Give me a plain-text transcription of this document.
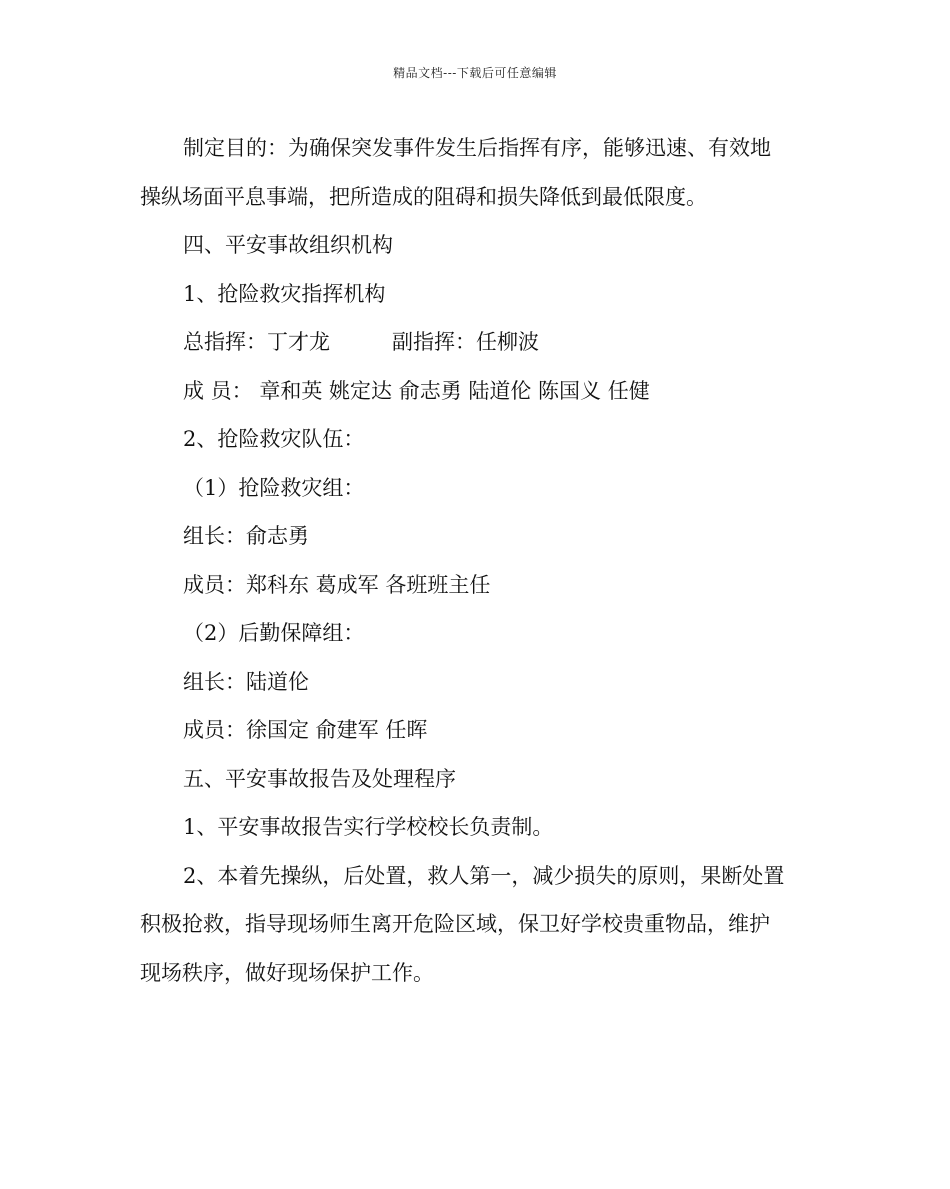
精品文档---下载后可任意编辑
制定目的：为确保突发事件发生后指挥有序，能够迅速、有效地
操纵场面平息事端，把所造成的阻碍和损失降低到最低限度。
四、平安事故组织机构
1、抢险救灾指挥机构
总指挥：丁才龙	副指挥：任柳波
成 员： 章和英 姚定达 俞志勇 陆道伦 陈国义 任健
2、抢险救灾队伍：
（1）抢险救灾组：
组长：俞志勇
成员：郑科东 葛成军 各班班主任
（2）后勤保障组：
组长：陆道伦
成员：徐国定 俞建军 任晖
五、平安事故报告及处理程序
1、平安事故报告实行学校校长负责制。
2、本着先操纵，后处置，救人第一，减少损失的原则，果断处置
积极抢救，指导现场师生离开危险区域，保卫好学校贵重物品，维护
现场秩序，做好现场保护工作。
